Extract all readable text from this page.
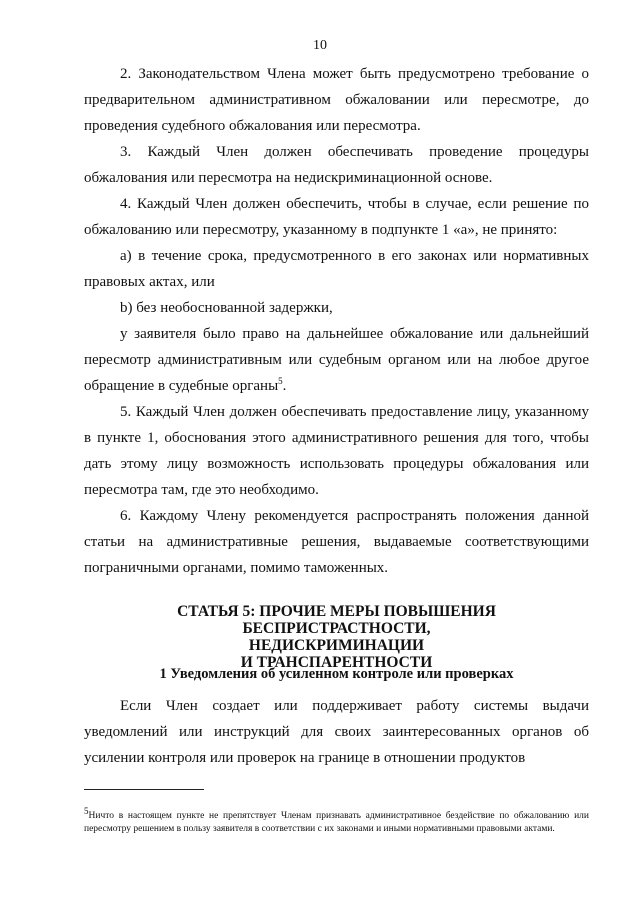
10

2. Законодательством Члена может быть предусмотрено требование о предварительном административном обжаловании или пересмотре, до проведения судебного обжалования или пересмотра.

3. Каждый Член должен обеспечивать проведение процедуры обжалования или пересмотра на недискриминационной основе.

4. Каждый Член должен обеспечить, чтобы в случае, если решение по обжалованию или пересмотру, указанному в подпункте 1 «а», не принято:

a) в течение срока, предусмотренного в его законах или нормативных правовых актах, или

b) без необоснованной задержки,

у заявителя было право на дальнейшее обжалование или дальнейший пересмотр административным или судебным органом или на любое другое обращение в судебные органы$^5$.

5. Каждый Член должен обеспечивать предоставление лицу, указанному в пункте 1, обоснования этого административного решения для того, чтобы дать этому лицу возможность использовать процедуры обжалования или пересмотра там, где это необходимо.

6. Каждому Члену рекомендуется распространять положения данной статьи на административные решения, выдаваемые соответствующими пограничными органами, помимо таможенных.

СТАТЬЯ 5: ПРОЧИЕ МЕРЫ ПОВЫШЕНИЯ БЕСПРИСТРАСТНОСТИ,
НЕДИСКРИМИНАЦИИ
И ТРАНСПАРЕНТНОСТИ
1 Уведомления об усиленном контроле или проверках

Если Член создает или поддерживает работу системы выдачи уведомлений или инструкций для своих заинтересованных органов об усилении контроля или проверок на границе в отношении продуктов

$^5$Ничто в настоящем пункте не препятствует Членам признавать административное бездействие по обжалованию или пересмотру решением в пользу заявителя в соответствии с их законами и иными нормативными правовыми актами.
